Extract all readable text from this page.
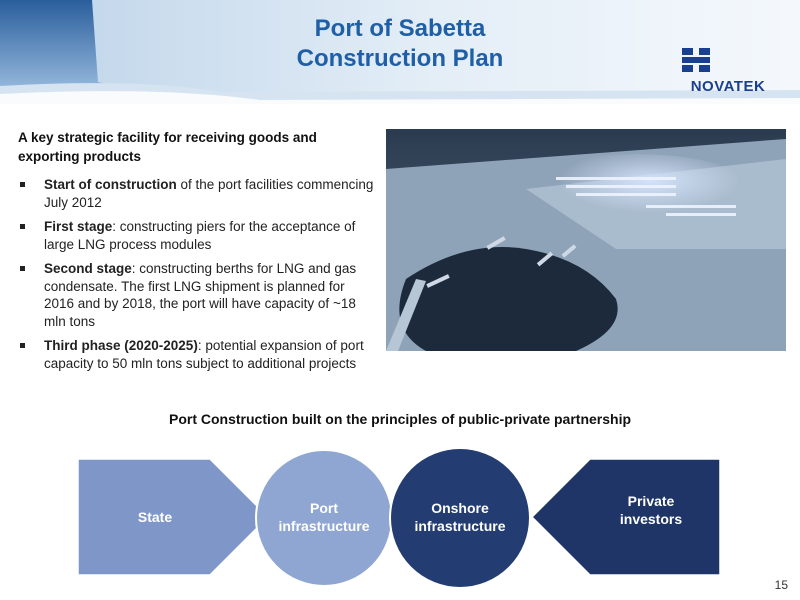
Port of Sabetta
Construction Plan
NOVATEK

A key strategic facility for receiving goods and exporting products

Start of construction of the port facilities commencing July 2012
First stage: constructing piers for the acceptance of large LNG process modules
Second stage: constructing berths for LNG and gas condensate. The first LNG shipment is planned for 2016 and by 2018, the port will have capacity of ~18 mln tons
Third phase (2020-2025): potential expansion of port capacity to 50 mln tons subject to additional projects

Port Construction built on the principles of public-private partnership

State
Port
infrastructure
Onshore
infrastructure
Private
investors
15
